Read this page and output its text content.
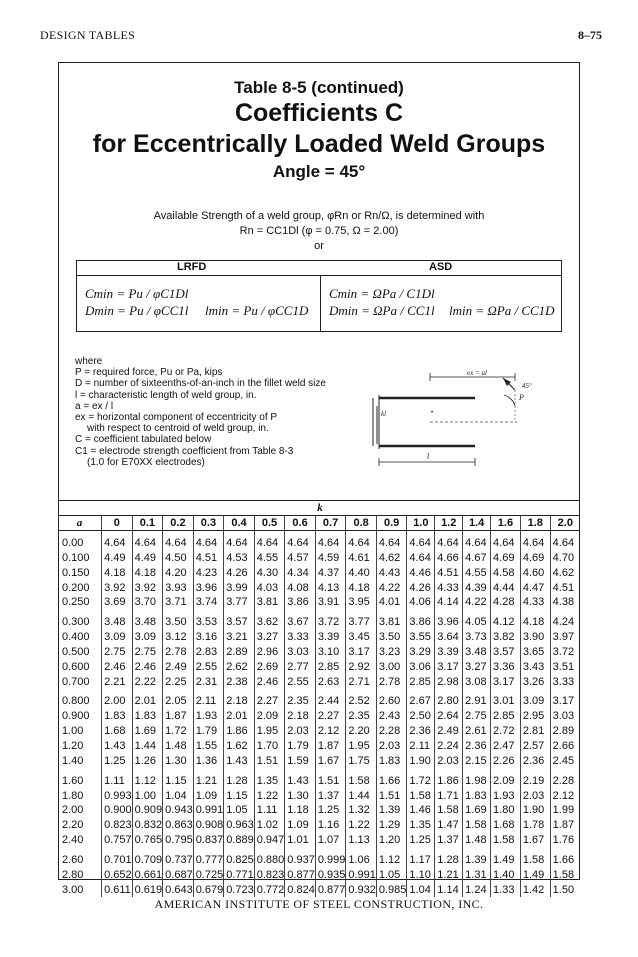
DESIGN TABLES	8–75
Table 8-5 (continued)
Coefficients C
for Eccentrically Loaded Weld Groups
Angle = 45°
Available Strength of a weld group, φRn or Rn/Ω, is determined with
Rn = CC1Dl (φ = 0.75, Ω = 2.00)
or
LRFD	ASD
Cmin = Pu / φC1Dl
Dmin = Pu / φCC1l lmin = Pu / φCC1D
Cmin = ΩPa / C1Dl
Dmin = ΩPa / CC1l lmin = ΩPa / CC1D
where
P = required force, Pu or Pa, kips
D = number of sixteenths-of-an-inch in the fillet weld size
l = characteristic length of weld group, in.
a = ex / l
ex = horizontal component of eccentricity of P
with respect to centroid of weld group, in.
C = coefficient tabulated below
C1 = electrode strength coefficient from Table 8-3
(1.0 for E70XX electrodes)
•
ex = al
45°
P
kl
l
k																
a	0	0.1	0.2	0.3	0.4	0.5	0.6	0.7	0.8	0.9	1.0	1.2	1.4	1.6	1.8	2.0

0.00	4.64	4.64	4.64	4.64	4.64	4.64	4.64	4.64	4.64	4.64	4.64	4.64	4.64	4.64	4.64	4.64
0.100	4.49	4.49	4.50	4.51	4.53	4.55	4.57	4.59	4.61	4.62	4.64	4.66	4.67	4.69	4.69	4.70
0.150	4.18	4.18	4.20	4.23	4.26	4.30	4.34	4.37	4.40	4.43	4.46	4.51	4.55	4.58	4.60	4.62
0.200	3.92	3.92	3.93	3.96	3.99	4.03	4.08	4.13	4.18	4.22	4.26	4.33	4.39	4.44	4.47	4.51
0.250	3.69	3.70	3.71	3.74	3.77	3.81	3.86	3.91	3.95	4.01	4.06	4.14	4.22	4.28	4.33	4.38

0.300	3.48	3.48	3.50	3.53	3.57	3.62	3.67	3.72	3.77	3.81	3.86	3.96	4.05	4.12	4.18	4.24
0.400	3.09	3.09	3.12	3.16	3.21	3.27	3.33	3.39	3.45	3.50	3.55	3.64	3.73	3.82	3.90	3.97
0.500	2.75	2.75	2.78	2.83	2.89	2.96	3.03	3.10	3.17	3.23	3.29	3.39	3.48	3.57	3.65	3.72
0.600	2.46	2.46	2.49	2.55	2.62	2.69	2.77	2.85	2.92	3.00	3.06	3.17	3.27	3.36	3.43	3.51
0.700	2.21	2.22	2.25	2.31	2.38	2.46	2.55	2.63	2.71	2.78	2.85	2.98	3.08	3.17	3.26	3.33

0.800	2.00	2.01	2.05	2.11	2.18	2.27	2.35	2.44	2.52	2.60	2.67	2.80	2.91	3.01	3.09	3.17
0.900	1.83	1.83	1.87	1.93	2.01	2.09	2.18	2.27	2.35	2.43	2.50	2.64	2.75	2.85	2.95	3.03
1.00	1.68	1.69	1.72	1.79	1.86	1.95	2.03	2.12	2.20	2.28	2.36	2.49	2.61	2.72	2.81	2.89
1.20	1.43	1.44	1.48	1.55	1.62	1.70	1.79	1.87	1.95	2.03	2.11	2.24	2.36	2.47	2.57	2.66
1.40	1.25	1.26	1.30	1.36	1.43	1.51	1.59	1.67	1.75	1.83	1.90	2.03	2.15	2.26	2.36	2.45

1.60	1.11	1.12	1.15	1.21	1.28	1.35	1.43	1.51	1.58	1.66	1.72	1.86	1.98	2.09	2.19	2.28
1.80	0.993	1.00	1.04	1.09	1.15	1.22	1.30	1.37	1.44	1.51	1.58	1.71	1.83	1.93	2.03	2.12
2.00	0.900	0.909	0.943	0.991	1.05	1.11	1.18	1.25	1.32	1.39	1.46	1.58	1.69	1.80	1.90	1.99
2.20	0.823	0.832	0.863	0.908	0.963	1.02	1.09	1.16	1.22	1.29	1.35	1.47	1.58	1.68	1.78	1.87
2.40	0.757	0.765	0.795	0.837	0.889	0.947	1.01	1.07	1.13	1.20	1.25	1.37	1.48	1.58	1.67	1.76

2.60	0.701	0.709	0.737	0.777	0.825	0.880	0.937	0.999	1.06	1.12	1.17	1.28	1.39	1.49	1.58	1.66
2.80	0.652	0.661	0.687	0.725	0.771	0.823	0.877	0.935	0.991	1.05	1.10	1.21	1.31	1.40	1.49	1.58
3.00	0.611	0.619	0.643	0.679	0.723	0.772	0.824	0.877	0.932	0.985	1.04	1.14	1.24	1.33	1.42	1.50
AMERICAN INSTITUTE OF STEEL CONSTRUCTION, INC.
